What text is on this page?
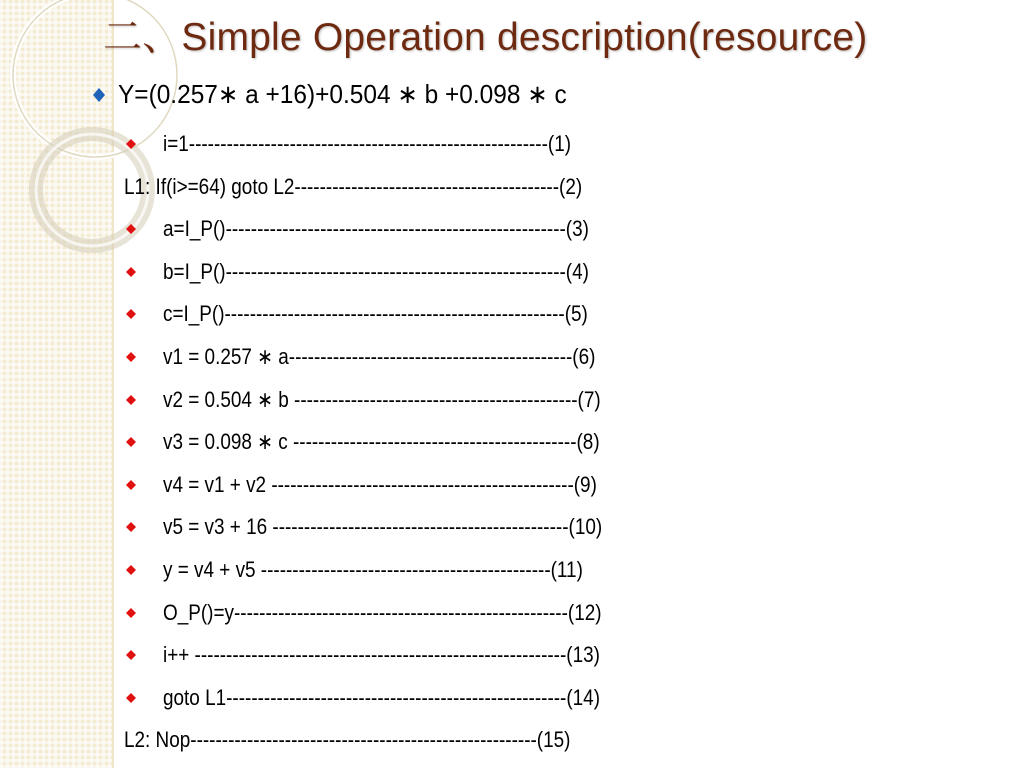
二、Simple Operation description(resource)
Y=(0.257∗ a +16)+0.504 ∗ b +0.098 ∗ c
i=1---------------------------------------------------------(1)
L1: If(i>=64) goto L2------------------------------------------(2)
a=I_P()------------------------------------------------------(3)
b=I_P()------------------------------------------------------(4)
c=I_P()------------------------------------------------------(5)
v1 = 0.257 ∗ a---------------------------------------------(6)
v2 = 0.504 ∗ b ---------------------------------------------(7)
v3 = 0.098 ∗ c ---------------------------------------------(8)
v4 = v1 + v2 ------------------------------------------------(9)
v5 = v3 + 16 -----------------------------------------------(10)
y = v4 + v5 ----------------------------------------------(11)
O_P()=y-----------------------------------------------------(12)
i++ -----------------------------------------------------------(13)
goto L1------------------------------------------------------(14)
L2: Nop-------------------------------------------------------(15)
